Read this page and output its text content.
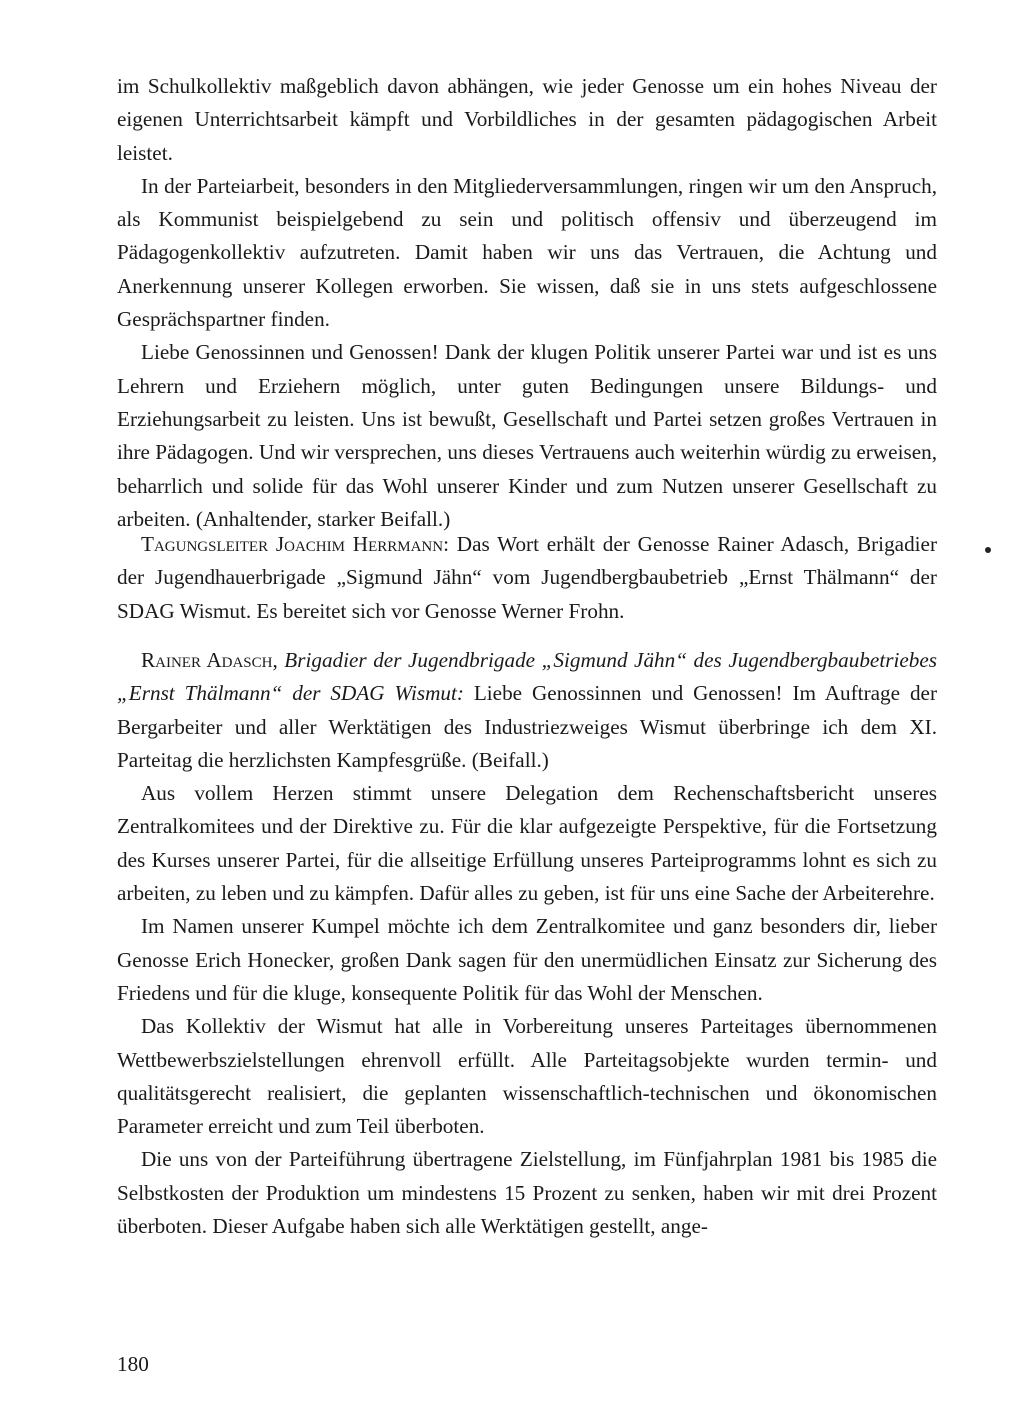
im Schulkollektiv maßgeblich davon abhängen, wie jeder Genosse um ein hohes Niveau der eigenen Unterrichtsarbeit kämpft und Vorbildliches in der gesamten pädagogischen Arbeit leistet.

In der Parteiarbeit, besonders in den Mitgliederversammlungen, ringen wir um den Anspruch, als Kommunist beispielgebend zu sein und politisch offensiv und überzeugend im Pädagogenkollektiv aufzutreten. Damit haben wir uns das Vertrauen, die Achtung und Anerkennung unserer Kollegen erworben. Sie wissen, daß sie in uns stets aufgeschlossene Gesprächspartner finden.

Liebe Genossinnen und Genossen! Dank der klugen Politik unserer Partei war und ist es uns Lehrern und Erziehern möglich, unter guten Bedingungen unsere Bildungs- und Erziehungsarbeit zu leisten. Uns ist bewußt, Gesellschaft und Partei setzen großes Vertrauen in ihre Pädagogen. Und wir versprechen, uns dieses Vertrauens auch weiterhin würdig zu erweisen, beharrlich und solide für das Wohl unserer Kinder und zum Nutzen unserer Gesellschaft zu arbeiten. (Anhaltender, starker Beifall.)

Tagungsleiter Joachim Herrmann: Das Wort erhält der Genosse Rainer Adasch, Brigadier der Jugendhauerbrigade „Sigmund Jähn“ vom Jugendbergbaubetrieb „Ernst Thälmann“ der SDAG Wismut. Es bereitet sich vor Genosse Werner Frohn.

Rainer Adasch, Brigadier der Jugendbrigade „Sigmund Jähn“ des Jugendbergbaubetriebes „Ernst Thälmann“ der SDAG Wismut: Liebe Genossinnen und Genossen! Im Auftrage der Bergarbeiter und aller Werktätigen des Industriezweiges Wismut überbringe ich dem XI. Parteitag die herzlichsten Kampfesgrüße. (Beifall.)

Aus vollem Herzen stimmt unsere Delegation dem Rechenschaftsbericht unseres Zentralkomitees und der Direktive zu. Für die klar aufgezeigte Perspektive, für die Fortsetzung des Kurses unserer Partei, für die allseitige Erfüllung unseres Parteiprogramms lohnt es sich zu arbeiten, zu leben und zu kämpfen. Dafür alles zu geben, ist für uns eine Sache der Arbeiterehre.

Im Namen unserer Kumpel möchte ich dem Zentralkomitee und ganz besonders dir, lieber Genosse Erich Honecker, großen Dank sagen für den unermüdlichen Einsatz zur Sicherung des Friedens und für die kluge, konsequente Politik für das Wohl der Menschen.

Das Kollektiv der Wismut hat alle in Vorbereitung unseres Parteitages übernommenen Wettbewerbszielstellungen ehrenvoll erfüllt. Alle Parteitagsobjekte wurden termin- und qualitätsgerecht realisiert, die geplanten wissenschaftlich-technischen und ökonomischen Parameter erreicht und zum Teil überboten.

Die uns von der Parteiführung übertragene Zielstellung, im Fünfjahrplan 1981 bis 1985 die Selbstkosten der Produktion um mindestens 15 Prozent zu senken, haben wir mit drei Prozent überboten. Dieser Aufgabe haben sich alle Werktätigen gestellt, ange-

180
